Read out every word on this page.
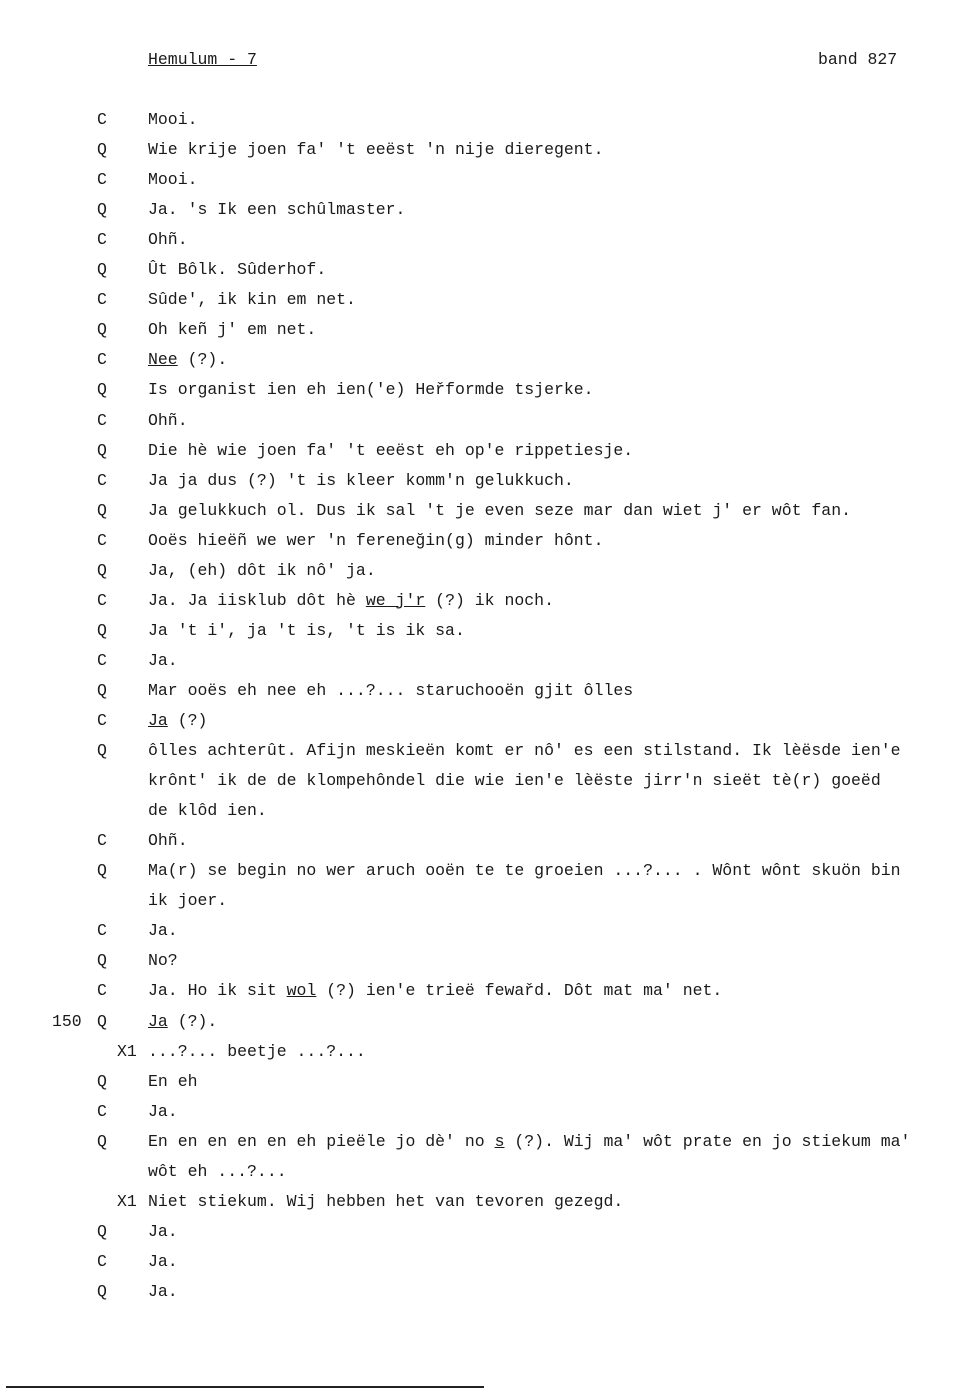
Hemulum - 7	band 827
C Mooi.
Q Wie krije joen fa' 't eeëst 'n nije dieregent.
C Mooi.
Q Ja. 's Ik een schûlmaster.
C Ohñ.
Q Ût Bôlk. Sûderhof.
C Sûde', ik kin em net.
Q Oh keñ j' em net.
C Nee (?).
Q Is organist ien eh ien('e) Heřformde tsjerke.
C Ohñ.
Q Die hè wie joen fa' 't eeëst eh op'e rippetiesje.
C Ja ja dus (?) 't is kleer komm'n gelukkuch.
Q Ja gelukkuch ol. Dus ik sal 't je even seze mar dan wiet j' er wôt fan.
C Ooës hieëñ we wer 'n fereneğin(g) minder hônt.
Q Ja, (eh) dôt ik nô' ja.
C Ja. Ja iisklub dôt hè we j'r (?) ik noch.
Q Ja 't i', ja 't is, 't is ik sa.
C Ja.
Q Mar ooës eh nee eh ...?... staruchooën gjit ôlles
C Ja (?)
Q ôlles achterût. Afijn meskieën komt er nô' es een stilstand. Ik lèësde ien'e
krônt' ik de de klompehôndel die wie ien'e lèëste jirr'n sieët tè(r) goeëd
de klôd ien.
C Ohñ.
Q Ma(r) se begin no wer aruch ooën te te groeien ...?... . Wônt wônt skuön bin
ik joer.
C Ja.
Q No?
C Ja. Ho ik sit wol (?) ien'e trieë fewařd. Dôt mat ma' net.
150 Q Ja (?).
X1 ...?... beetje ...?...
Q En eh
C Ja.
Q En en en en en eh pieële jo dè' no s (?). Wij ma' wôt prate en jo stiekum ma'
wôt eh ...?...
X1 Niet stiekum. Wij hebben het van tevoren gezegd.
Q Ja.
C Ja.
Q Ja.
